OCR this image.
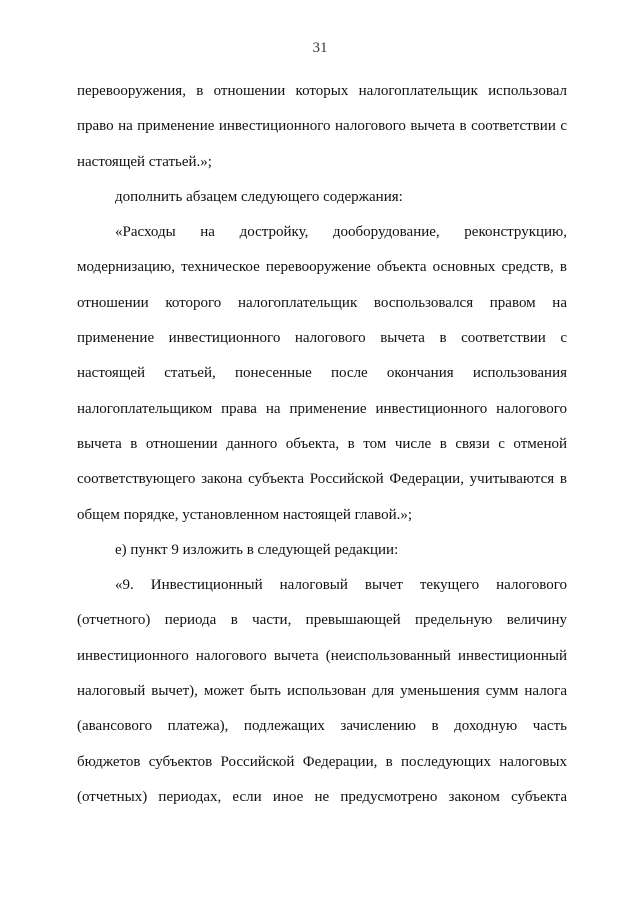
31
перевооружения, в отношении которых налогоплательщик использовал
право на применение инвестиционного налогового вычета в соответствии с
настоящей статьей.»;
дополнить абзацем следующего содержания:
«Расходы на достройку, дооборудование, реконструкцию,
модернизацию, техническое перевооружение объекта основных средств, в
отношении которого налогоплательщик воспользовался правом на
применение инвестиционного налогового вычета в соответствии с
настоящей статьей, понесенные после окончания использования
налогоплательщиком права на применение инвестиционного налогового
вычета в отношении данного объекта, в том числе в связи с отменой
соответствующего закона субъекта Российской Федерации, учитываются в
общем порядке, установленном настоящей главой.»;
е) пункт 9 изложить в следующей редакции:
«9. Инвестиционный налоговый вычет текущего налогового
(отчетного) периода в части, превышающей предельную величину
инвестиционного налогового вычета (неиспользованный инвестиционный
налоговый вычет), может быть использован для уменьшения сумм налога
(авансового платежа), подлежащих зачислению в доходную часть
бюджетов субъектов Российской Федерации, в последующих налоговых
(отчетных) периодах, если иное не предусмотрено законом субъекта
